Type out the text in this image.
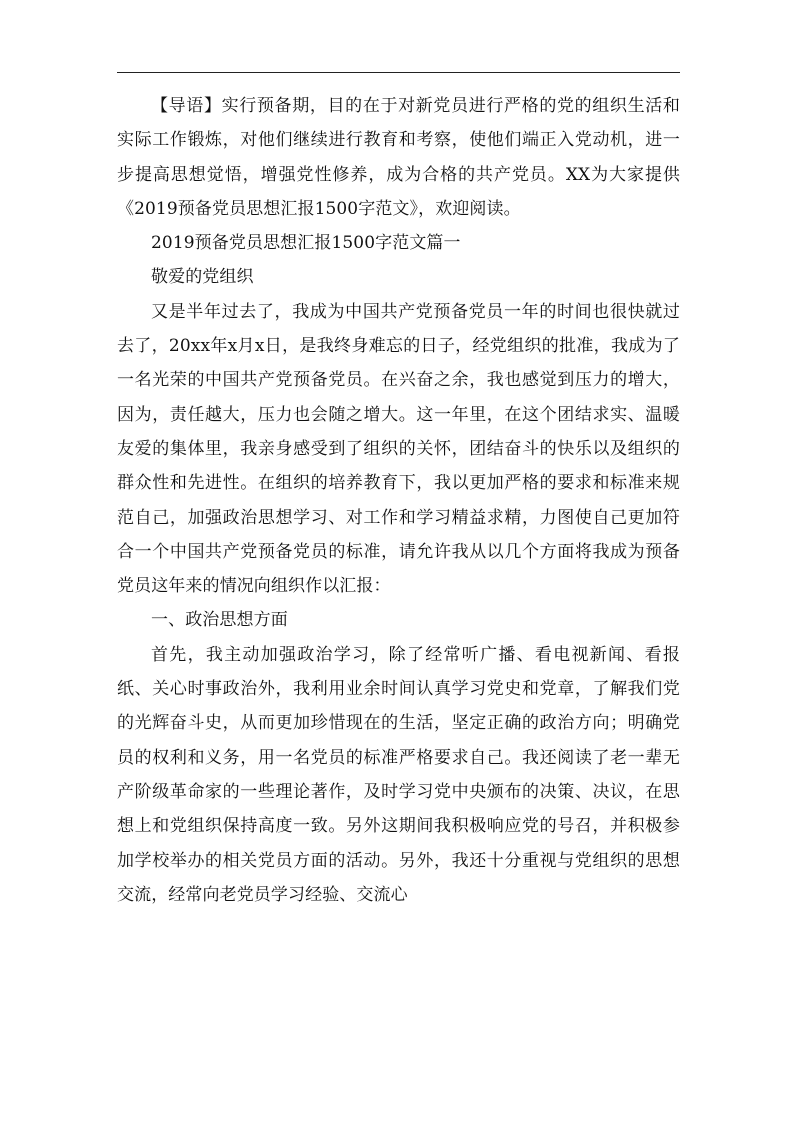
【导语】实行预备期，目的在于对新党员进行严格的党的组织生活和实际工作锻炼，对他们继续进行教育和考察，使他们端正入党动机，进一步提高思想觉悟，增强党性修养，成为合格的共产党员。XX为大家提供《2019预备党员思想汇报1500字范文》，欢迎阅读。

2019预备党员思想汇报1500字范文篇一

敬爱的党组织

又是半年过去了，我成为中国共产党预备党员一年的时间也很快就过去了，20xx年x月x日，是我终身难忘的日子，经党组织的批准，我成为了一名光荣的中国共产党预备党员。在兴奋之余，我也感觉到压力的增大，因为，责任越大，压力也会随之增大。这一年里，在这个团结求实、温暖友爱的集体里，我亲身感受到了组织的关怀，团结奋斗的快乐以及组织的群众性和先进性。在组织的培养教育下，我以更加严格的要求和标准来规范自己，加强政治思想学习、对工作和学习精益求精，力图使自己更加符合一个中国共产党预备党员的标准，请允许我从以几个方面将我成为预备党员这年来的情况向组织作以汇报：

一、政治思想方面

首先，我主动加强政治学习，除了经常听广播、看电视新闻、看报纸、关心时事政治外，我利用业余时间认真学习党史和党章，了解我们党的光辉奋斗史，从而更加珍惜现在的生活，坚定正确的政治方向；明确党员的权利和义务，用一名党员的标准严格要求自己。我还阅读了老一辈无产阶级革命家的一些理论著作，及时学习党中央颁布的决策、决议，在思想上和党组织保持高度一致。另外这期间我积极响应党的号召，并积极参加学校举办的相关党员方面的活动。另外，我还十分重视与党组织的思想交流，经常向老党员学习经验、交流心
